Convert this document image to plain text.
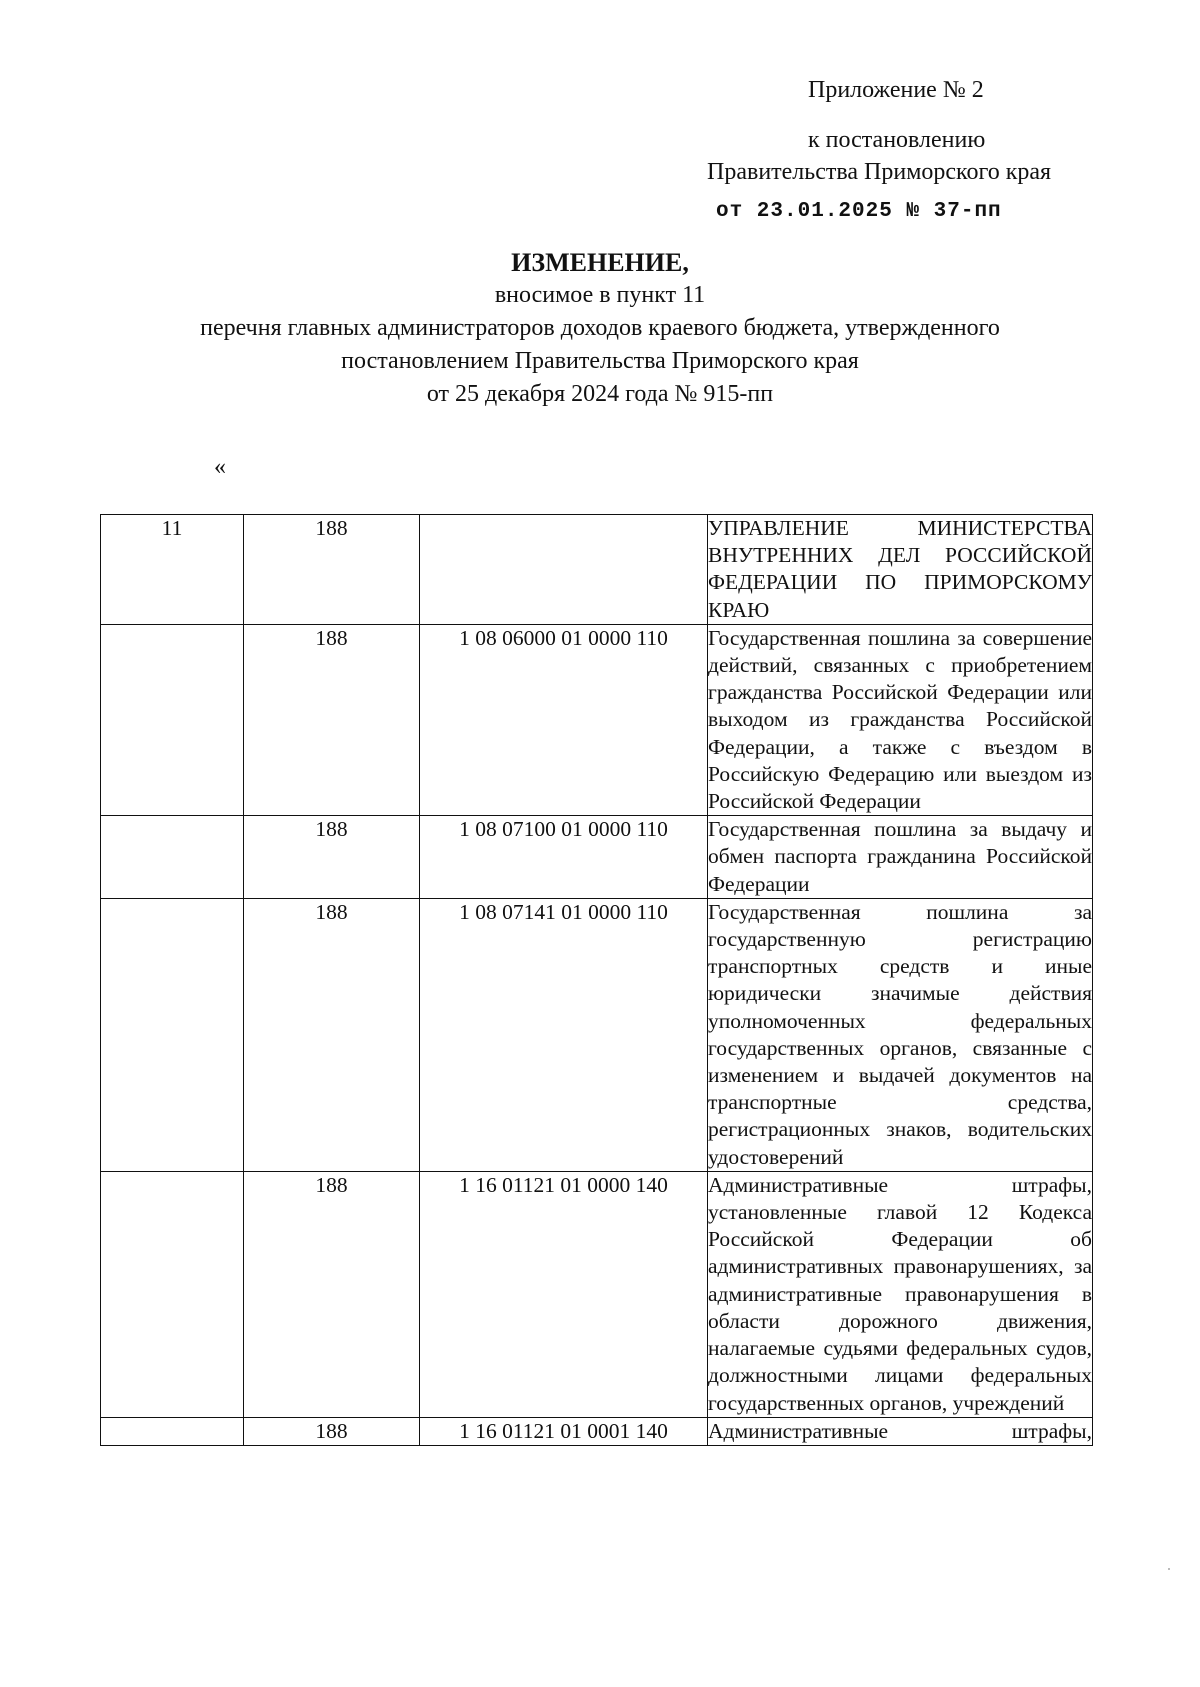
Приложение № 2
к постановлению
Правительства Приморского края
от 23.01.2025 № 37-пп
ИЗМЕНЕНИЕ,
вносимое в пункт 11
перечня главных администраторов доходов краевого бюджета, утвержденного
постановлением Правительства Приморского края
от 25 декабря 2024 года № 915-пп
«
11	188		УПРАВЛЕНИЕ МИНИСТЕРСТВА ВНУТРЕННИХ ДЕЛ РОССИЙСКОЙ ФЕДЕРАЦИИ ПО ПРИМОРСКОМУ КРАЮ
	188	1 08 06000 01 0000 110	Государственная пошлина за совершение действий, связанных с приобретением гражданства Российской Федерации или выходом из гражданства Российской Федерации, а также с въездом в Российскую Федерацию или выездом из Российской Федерации
	188	1 08 07100 01 0000 110	Государственная пошлина за выдачу и обмен паспорта гражданина Российской Федерации
	188	1 08 07141 01 0000 110	Государственная пошлина за государственную регистрацию транспортных средств и иные юридически значимые действия уполномоченных федеральных государственных органов, связанные с изменением и выдачей документов на транспортные средства, регистрационных знаков, водительских удостоверений
	188	1 16 01121 01 0000 140	Административные штрафы, установленные главой 12 Кодекса Российской Федерации об административных правонарушениях, за административные правонарушения в области дорожного движения, налагаемые судьями федеральных судов, должностными лицами федеральных государственных органов, учреждений
	188	1 16 01121 01 0001 140	Административные штрафы,
